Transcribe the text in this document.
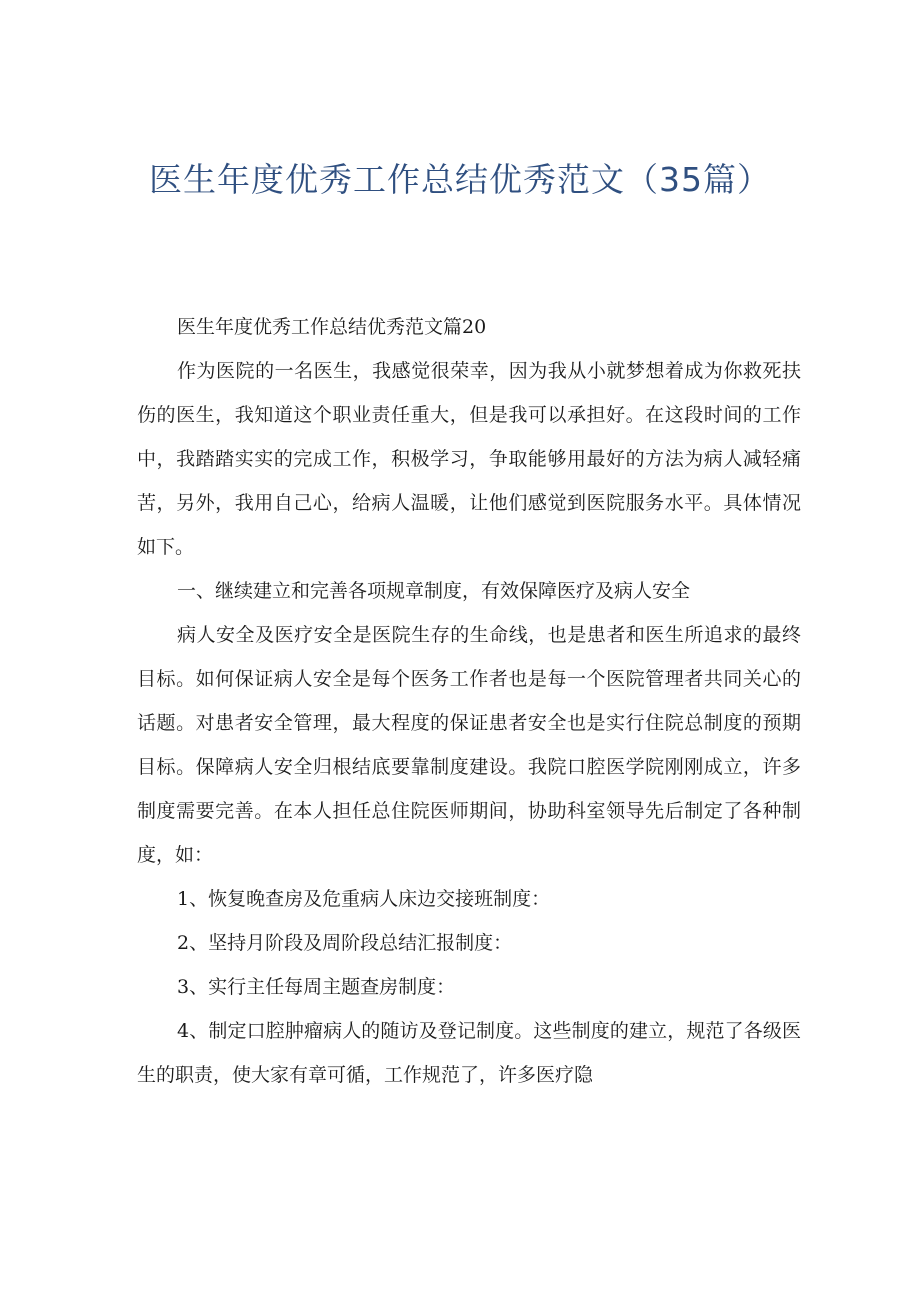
医生年度优秀工作总结优秀范文（35篇）

医生年度优秀工作总结优秀范文篇20

作为医院的一名医生，我感觉很荣幸，因为我从小就梦想着成为你救死扶伤的医生，我知道这个职业责任重大，但是我可以承担好。在这段时间的工作中，我踏踏实实的完成工作，积极学习，争取能够用最好的方法为病人减轻痛苦，另外，我用自己心，给病人温暖，让他们感觉到医院服务水平。具体情况如下。

一、继续建立和完善各项规章制度，有效保障医疗及病人安全

病人安全及医疗安全是医院生存的生命线，也是患者和医生所追求的最终目标。如何保证病人安全是每个医务工作者也是每一个医院管理者共同关心的话题。对患者安全管理，最大程度的保证患者安全也是实行住院总制度的预期目标。保障病人安全归根结底要靠制度建设。我院口腔医学院刚刚成立，许多制度需要完善。在本人担任总住院医师期间，协助科室领导先后制定了各种制度，如：

1、恢复晚查房及危重病人床边交接班制度：

2、坚持月阶段及周阶段总结汇报制度：

3、实行主任每周主题查房制度：

4、制定口腔肿瘤病人的随访及登记制度。这些制度的建立，规范了各级医生的职责，使大家有章可循，工作规范了，许多医疗隐
